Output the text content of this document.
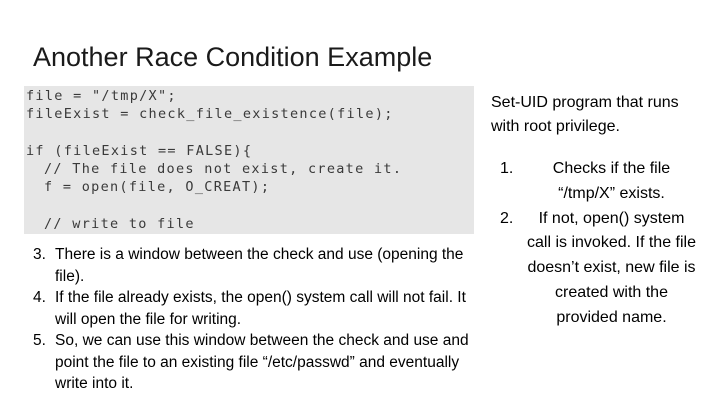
Another Race Condition Example
file = "/tmp/X";
fileExist = check_file_existence(file);
if (fileExist == FALSE){
// The file does not exist, create it.
f = open(file, O_CREAT);
// write to file
3. There is a window between the check and use (opening the file).
4. If the file already exists, the open() system call will not fail. It will open the file for writing.
5. So, we can use this window between the check and use and point the file to an existing file “/etc/passwd” and eventually write into it.
Set-UID program that runs with root privilege.
1. Checks if the file “/tmp/X” exists.
2. If not, open() system call is invoked. If the file doesn’t exist, new file is created with the provided name.
